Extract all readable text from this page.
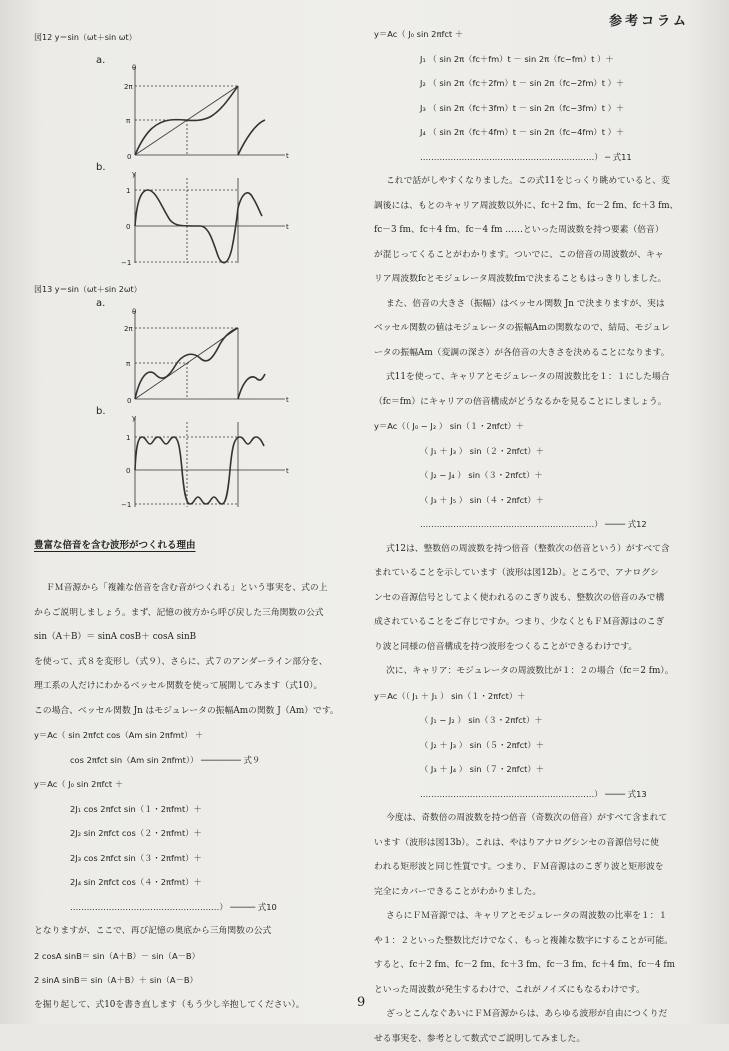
参考コラム
図12 y＝sin（ωt＋sin ωt）
a.
2π
π
0
θ
t
b.
1
0
−1
y
t
図13 y＝sin（ωt＋sin 2ωt）
a.
2π
π
0
θ
t
b.
1
0
−1
y
t
豊富な倍音を含む波形がつくれる理由
ＦＭ音源から「複雑な倍音を含む音がつくれる」という事実を、式の上
からご説明しましょう。まず、記憶の彼方から呼び戻した三角関数の公式
sin（A＋B）＝ sinA cosB＋ cosA sinB
を使って、式８を変形し（式９）、さらに、式７のアンダーライン部分を、
理工系の人だけにわかるベッセル関数を使って展開してみます（式10）。
この場合、ベッセル関数 Jn はモジュレータの振幅Amの関数 J（Am）です。
y＝Ac（ sin 2πfct cos（Am sin 2πfmt） ＋
cos 2πfct sin（Am sin 2πfmt）） ──────── 式９
y＝Ac（ J₀ sin 2πfct ＋
2J₁ cos 2πfct sin（１・2πfmt）＋
2J₂ sin 2πfct cos（２・2πfmt）＋
2J₃ cos 2πfct sin（３・2πfmt）＋
2J₄ sin 2πfct cos（４・2πfmt）＋
………………………………………………） ───── 式10
となりますが、ここで、再び記憶の奥底から三角関数の公式
2 cosA sinB＝ sin（A＋B）－ sin（A－B）
2 sinA sinB＝ sin（A＋B）＋ sin（A－B）
を掘り起して、式10を書き直します（もう少し辛抱してください）。
y＝Ac（ J₀ sin 2πfct ＋
J₁ （ sin 2π（fc＋fm）t － sin 2π（fc−fm）t ）＋
J₂ （ sin 2π（fc＋2fm）t － sin 2π（fc−2fm）t ）＋
J₃ （ sin 2π（fc＋3fm）t － sin 2π（fc−3fm）t ）＋
J₄ （ sin 2π（fc＋4fm）t － sin 2π（fc−4fm）t ）＋
………………………………………………………） ─ 式11
これで話がしやすくなりました。この式11をじっくり眺めていると、変
調後には、もとのキャリア周波数以外に、fc＋2 fm、fc－2 fm、fc＋3 fm、
fc－3 fm、fc＋4 fm、fc－4 fm ……といった周波数を持つ要素（倍音）
が混じってくることがわかります。ついでに、この倍音の周波数が、キャ
リア周波数fcとモジュレータ周波数fmで決まることもはっきりしました。
また、倍音の大きさ（振幅）はベッセル関数 Jn で決まりますが、実は
ベッセル関数の値はモジュレータの振幅Amの関数なので、結局、モジュレ
ータの振幅Am（変調の深さ）が各倍音の大きさを決めることになります。
式11を使って、キャリアとモジュレータの周波数比を１：１にした場合
（fc＝fm）にキャリアの倍音構成がどうなるかを見ることにしましょう。
y＝Ac（（ J₀ − J₂ ） sin（１・2πfct）＋
（ J₁ ＋ J₃ ） sin（２・2πfct）＋
（ J₂ − J₄ ） sin（３・2πfct）＋
（ J₃ ＋ J₅ ） sin（４・2πfct）＋
………………………………………………………） ──── 式12
式12は、整数倍の周波数を持つ倍音（整数次の倍音という）がすべて含
まれていることを示しています（波形は図12b）。ところで、アナログシ
ンセの音源信号としてよく使われるのこぎり波も、整数次の倍音のみで構
成されていることをご存じですか。つまり、少なくともＦＭ音源はのこぎ
り波と同様の倍音構成を持つ波形をつくることができるわけです。
次に、キャリア：モジュレータの周波数比が１：２の場合（fc＝2 fm）。
y＝Ac（（ J₁ ＋ J₁ ） sin（１・2πfct）＋
（ J₁ − J₂ ） sin（３・2πfct）＋
（ J₂ ＋ J₃ ） sin（５・2πfct）＋
（ J₃ ＋ J₄ ） sin（７・2πfct）＋
………………………………………………………） ──── 式13
今度は、奇数倍の周波数を持つ倍音（奇数次の倍音）がすべて含まれて
います（波形は図13b）。これは、やはりアナログシンセの音源信号に使
われる矩形波と同じ性質です。つまり、ＦＭ音源はのこぎり波と矩形波を
完全にカバーできることがわかりました。
さらにＦＭ音源では、キャリアとモジュレータの周波数の比率を１：１
や１：２といった整数比だけでなく、もっと複雑な数字にすることが可能。
すると、fc＋2 fm、fc－2 fm、fc＋3 fm、fc－3 fm、fc＋4 fm、fc－4 fm
といった周波数が発生するわけで、これがノイズにもなるわけです。
ざっとこんなぐあいにＦＭ音源からは、あらゆる波形が自由につくりだ
せる事実を、参考として数式でご説明してみました。
9
